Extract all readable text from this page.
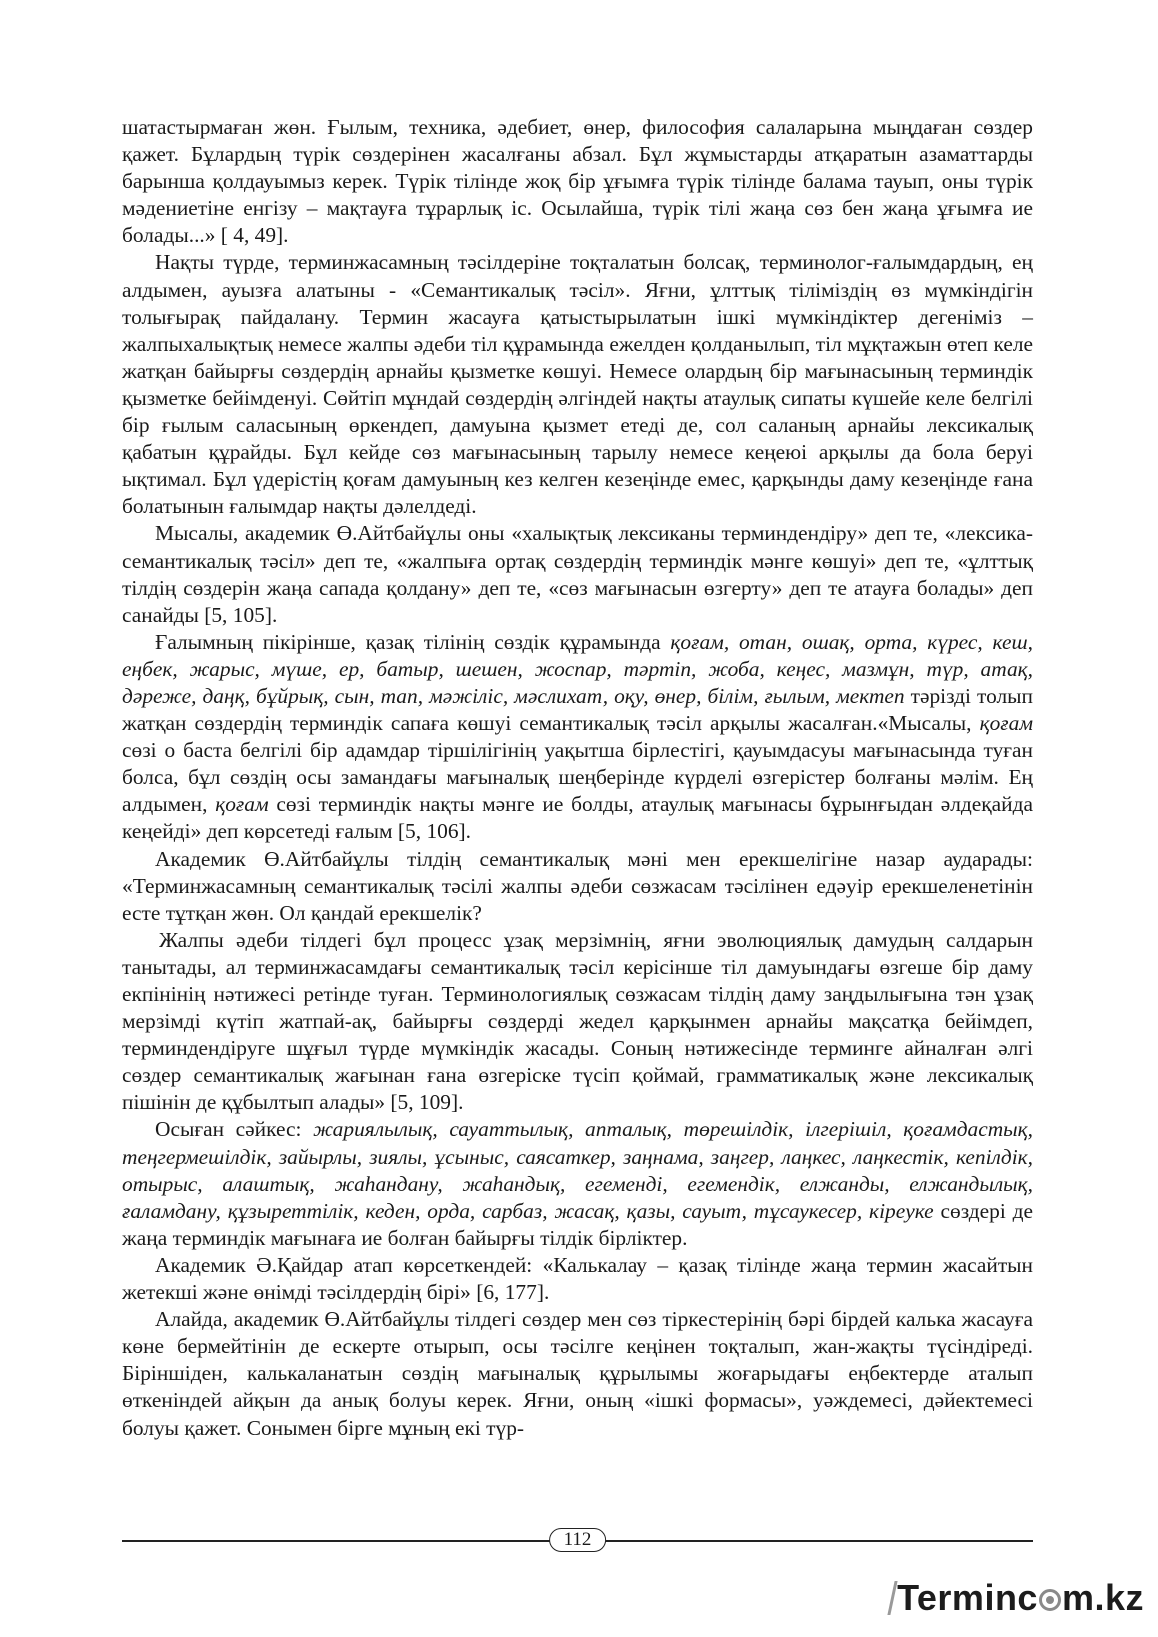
шатастырмаған жөн. Ғылым, техника, әдебиет, өнер, философия салаларына мыңдаған сөздер қажет. Бұлардың түрік сөздерінен жасалғаны абзал. Бұл жұмыстарды атқаратын азаматтарды барынша қолдауымыз керек. Түрік тілінде жоқ бір ұғымға түрік тілінде балама тауып, оны түрік мәдениетіне енгізу – мақтауға тұрарлық іс. Осылайша, түрік тілі жаңа сөз бен жаңа ұғымға ие болады...» [ 4, 49].

Нақты түрде, терминжасамның тәсілдеріне тоқталатын болсақ, терминолог-ғалымдардың, ең алдымен, ауызға алатыны - «Семантикалық тәсіл». Яғни, ұлттық тіліміздің өз мүмкіндігін толығырақ пайдалану. Термин жасауға қатыстырылатын ішкі мүмкіндіктер дегеніміз – жалпыхалықтық немесе жалпы әдеби тіл құрамында ежелден қолданылып, тіл мұқтажын өтеп келе жатқан байырғы сөздердің арнайы қызметке көшуі. Немесе олардың бір мағынасының терминдік қызметке бейімденуі. Сөйтіп мұндай сөздердің әлгіндей нақты атаулық сипаты күшейе келе белгілі бір ғылым саласының өркендеп, дамуына қызмет етеді де, сол саланың арнайы лексикалық қабатын құрайды. Бұл кейде сөз мағынасының тарылу немесе кеңеюі арқылы да бола беруі ықтимал. Бұл үдерістің қоғам дамуының кез келген кезеңінде емес, қарқынды даму кезеңінде ғана болатынын ғалымдар нақты дәлелдеді.

Мысалы, академик Ө.Айтбайұлы оны «халықтық лексиканы терминдендіру» деп те, «лексика-семантикалық тәсіл» деп те, «жалпыға ортақ сөздердің терминдік мәнге көшуі» деп те, «ұлттық тілдің сөздерін жаңа сапада қолдану» деп те, «сөз мағынасын өзгерту» деп те атауға болады» деп санайды [5, 105].

Ғалымның пікірінше, қазақ тілінің сөздік құрамында қоғам, отан, ошақ, орта, күрес, кеш, еңбек, жарыс, мүше, ер, батыр, шешен, жоспар, тәртіп, жоба, кеңес, мазмұн, түр, атақ, дәреже, даңқ, бұйрық, сын, тап, мәжіліс, мәслихат, оқу, өнер, білім, ғылым, мектеп тәрізді толып жатқан сөздердің терминдік сапаға көшуі семантикалық тәсіл арқылы жасалған.«Мысалы, қоғам сөзі о баста белгілі бір адамдар тіршілігінің уақытша бірлестігі, қауымдасуы мағынасында туған болса, бұл сөздің осы замандағы мағыналық шеңберінде күрделі өзгерістер болғаны мәлім. Ең алдымен, қоғам сөзі терминдік нақты мәнге ие болды, атаулық мағынасы бұрынғыдан әлдеқайда кеңейді» деп көрсетеді ғалым [5, 106].

Академик Ө.Айтбайұлы тілдің семантикалық мәні мен ерекшелігіне назар аударады: «Терминжасамның семантикалық тәсілі жалпы әдеби сөзжасам тәсілінен едәуір ерекшеленетінін есте тұтқан жөн. Ол қандай ерекшелік?

Жалпы әдеби тілдегі бұл процесс ұзақ мерзімнің, яғни эволюциялық дамудың салдарын танытады, ал терминжасамдағы семантикалық тәсіл керісінше тіл дамуындағы өзгеше бір даму екпінінің нәтижесі ретінде туған. Терминологиялық сөзжасам тілдің даму заңдылығына тән ұзақ мерзімді күтіп жатпай-ақ, байырғы сөздерді жедел қарқынмен арнайы мақсатқа бейімдеп, терминдендіруге шұғыл түрде мүмкіндік жасады. Соның нәтижесінде терминге айналған әлгі сөздер семантикалық жағынан ғана өзгеріске түсіп қоймай, грамматикалық және лексикалық пішінін де құбылтып алады» [5, 109].

Осыған сәйкес: жариялылық, сауаттылық, апталық, төрешілдік, ілгерішіл, қоғамдастық, теңгермешілдік, зайырлы, зиялы, ұсыныс, саясаткер, заңнама, заңгер, лаңкес, лаңкестік, кепілдік, отырыс, алаштық, жаһандану, жаһандық, егеменді, егемендік, елжанды, елжандылық, ғаламдану, құзыреттілік, кеден, орда, сарбаз, жасақ, қазы, сауыт, тұсаукесер, кіреуке сөздері де жаңа терминдік мағынаға ие болған байырғы тілдік бірліктер.

Академик Ә.Қайдар атап көрсеткендей: «Калькалау – қазақ тілінде жаңа термин жасайтын жетекші және өнімді тәсілдердің бірі» [6, 177].

Алайда, академик Ө.Айтбайұлы тілдегі сөздер мен сөз тіркестерінің бәрі бірдей калька жасауға көне бермейтінін де ескерте отырып, осы тәсілге кеңінен тоқталып, жан-жақты түсіндіреді. Біріншіден, калькаланатын сөздің мағыналық құрылымы жоғарыдағы еңбектерде аталып өткеніндей айқын да анық болуы керек. Яғни, оның «ішкі формасы», уәждемесі, дәйектемесі болуы қажет. Сонымен бірге мұның екі түр-

112
Terminc m.kz
